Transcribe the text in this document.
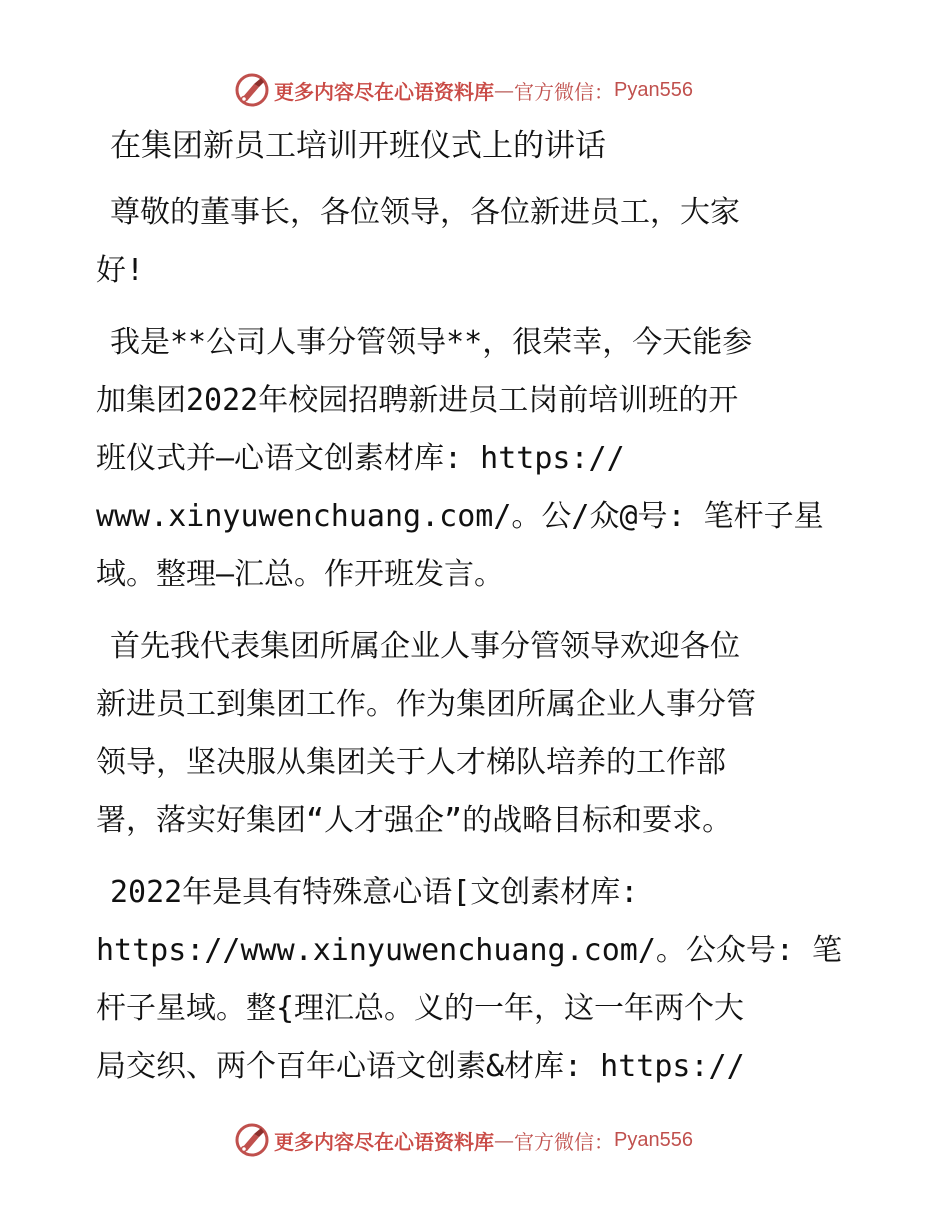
更多内容尽在心语资料库 — 官方微信： Pyan556
在集团新员工培训开班仪式上的讲话

尊敬的董事长，各位领导，各位新进员工，大家
好!

我是**公司人事分管领导**，很荣幸，今天能参
加集团2022年校园招聘新进员工岗前培训班的开
班仪式并—心语文创素材库: https://
www.xinyuwenchuang.com/。公/众@号: 笔杆子星
域。整理—汇总。作开班发言。

首先我代表集团所属企业人事分管领导欢迎各位
新进员工到集团工作。作为集团所属企业人事分管
领导，坚决服从集团关于人才梯队培养的工作部
署，落实好集团“人才强企”的战略目标和要求。

2022年是具有特殊意心语[文创素材库:
https://www.xinyuwenchuang.com/。公众号: 笔
杆子星域。整{理汇总。义的一年，这一年两个大
局交织、两个百年心语文创素&材库: https://

更多内容尽在心语资料库 — 官方微信： Pyan556
